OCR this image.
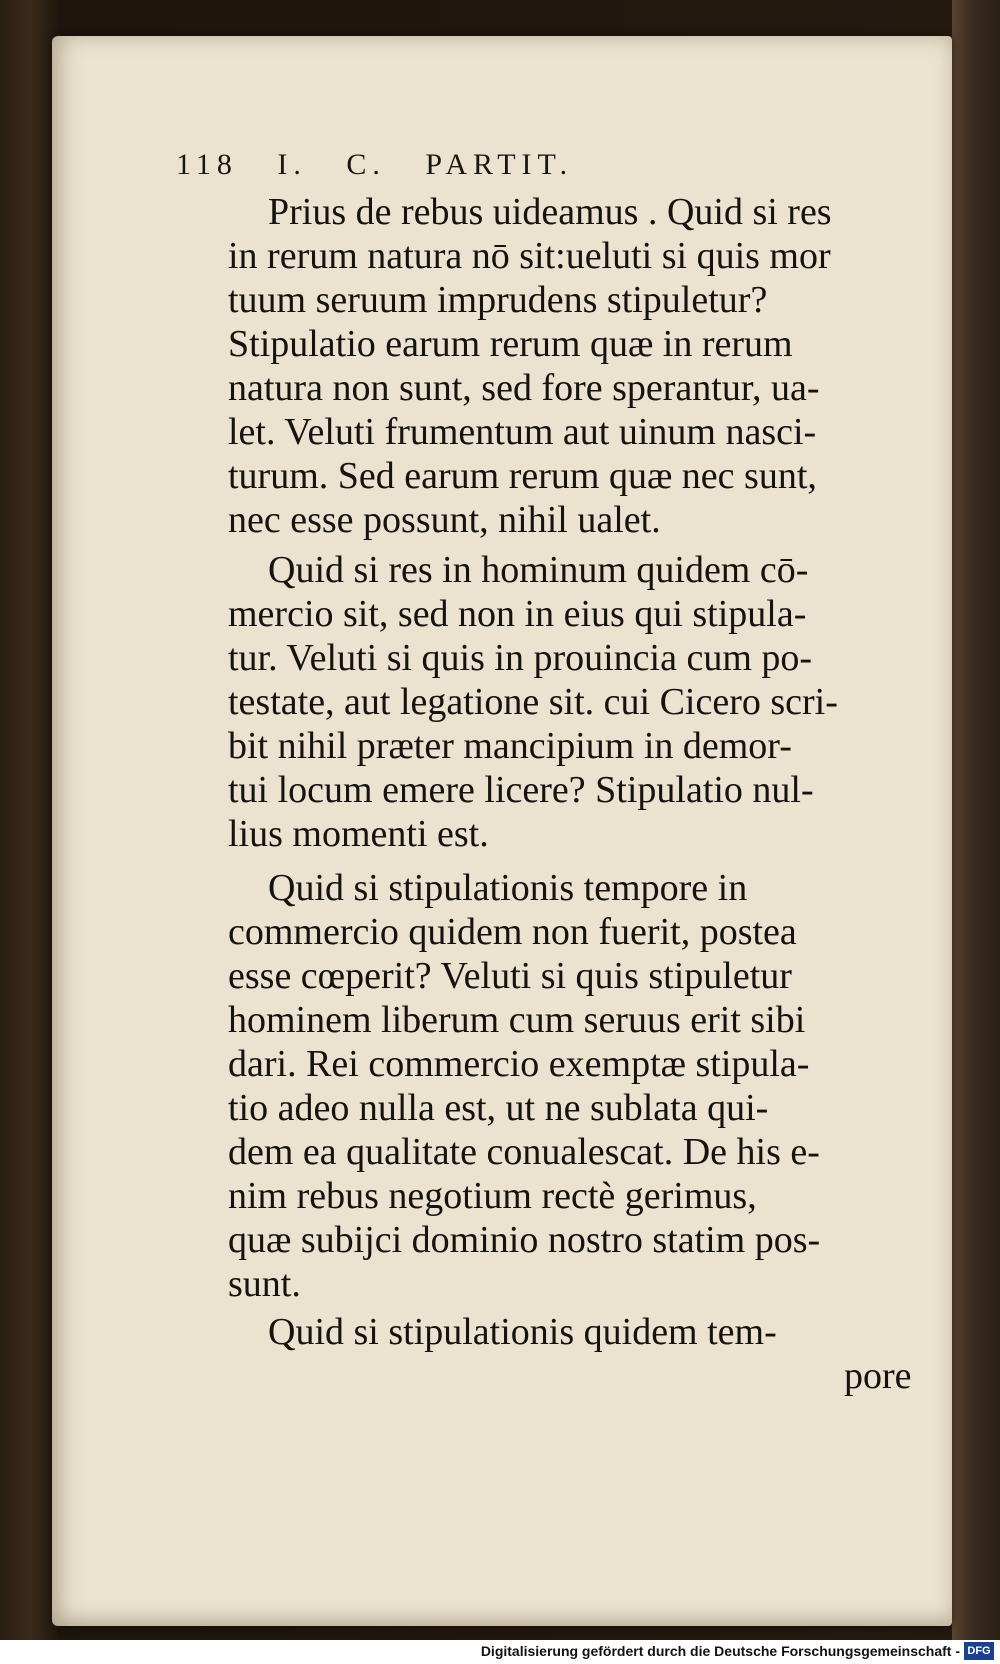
118 I. C. PARTIT.
Prius de rebus uideamus . Quid si res
in rerum natura nō sit:ueluti si quis mor
tuum seruum imprudens stipuletur?
Stipulatio earum rerum quæ in rerum
natura non sunt, sed fore sperantur, ua-
let. Veluti frumentum aut uinum nasci-
turum. Sed earum rerum quæ nec sunt,
nec esse possunt, nihil ualet.
Quid si res in hominum quidem cō-
mercio sit, sed non in eius qui stipula-
tur. Veluti si quis in prouincia cum po-
testate, aut legatione sit. cui Cicero scri-
bit nihil præter mancipium in demor-
tui locum emere licere? Stipulatio nul-
lius momenti est.
Quid si stipulationis tempore in
commercio quidem non fuerit, postea
esse cœperit? Veluti si quis stipuletur
hominem liberum cum seruus erit sibi
dari. Rei commercio exemptæ stipula-
tio adeo nulla est, ut ne sublata qui-
dem ea qualitate conualescat. De his e-
nim rebus negotium rectè gerimus,
quæ subijci dominio nostro statim pos-
sunt.
Quid si stipulationis quidem tem-
pore
Digitalisierung gefördert durch die Deutsche Forschungsgemeinschaft - DFG
